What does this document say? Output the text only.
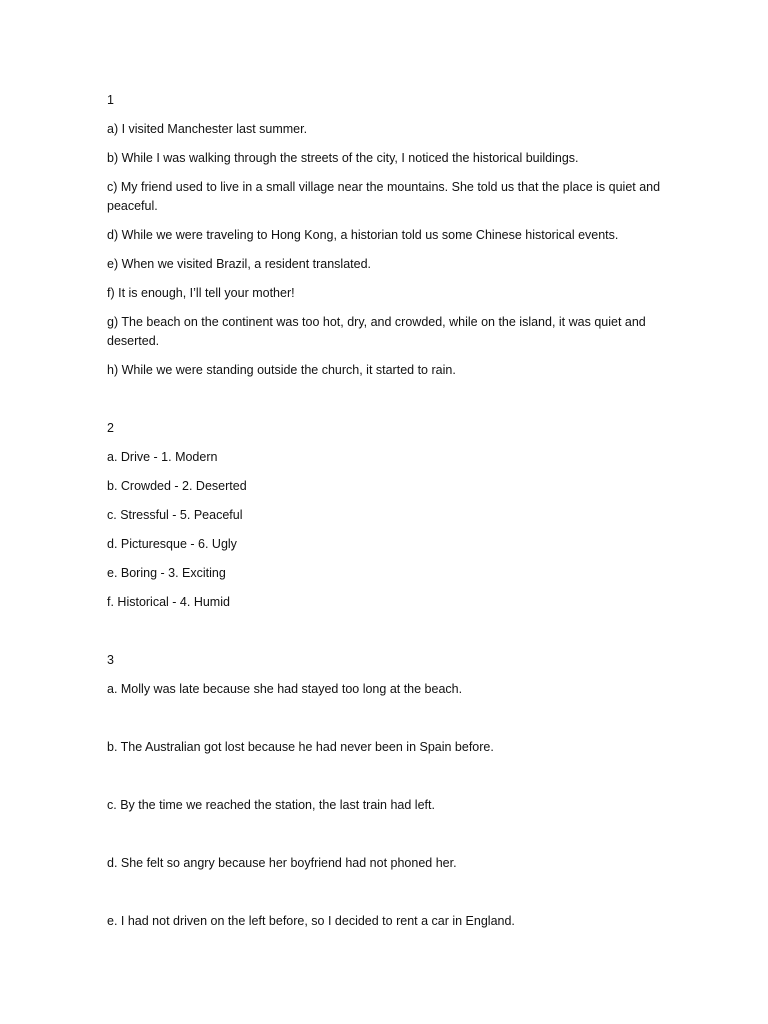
1

a) I visited Manchester last summer.

b) While I was walking through the streets of the city, I noticed the historical buildings.

c) My friend used to live in a small village near the mountains. She told us that the place is quiet and peaceful.

d) While we were traveling to Hong Kong, a historian told us some Chinese historical events.

e) When we visited Brazil, a resident translated.

f) It is enough, I’ll tell your mother!

g) The beach on the continent was too hot, dry, and crowded, while on the island, it was quiet and deserted.

h) While we were standing outside the church, it started to rain.

2

a. Drive - 1. Modern

b. Crowded - 2. Deserted

c. Stressful - 5. Peaceful

d. Picturesque - 6. Ugly

e. Boring - 3. Exciting

f. Historical - 4. Humid

3

a. Molly was late because she had stayed too long at the beach.

b. The Australian got lost because he had never been in Spain before.

c. By the time we reached the station, the last train had left.

d. She felt so angry because her boyfriend had not phoned her.

e. I had not driven on the left before, so I decided to rent a car in England.
